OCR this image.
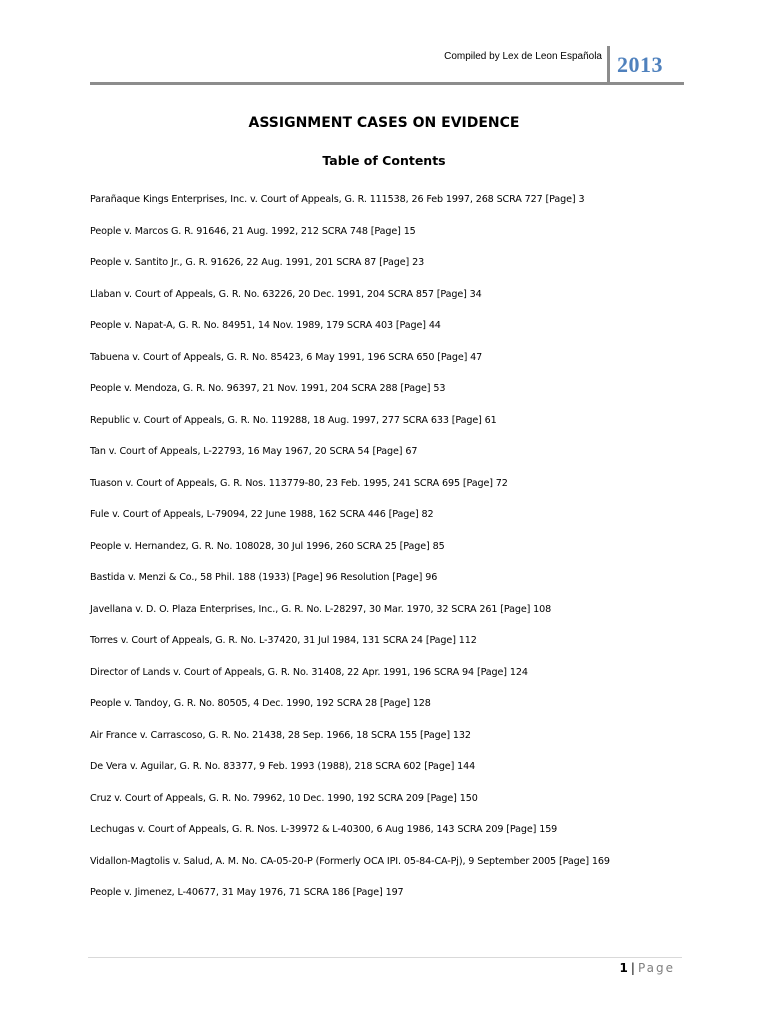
Compiled by Lex de Leon Española 2013
ASSIGNMENT CASES ON EVIDENCE
Table of Contents
Parañaque Kings Enterprises, Inc. v. Court of Appeals, G. R. 111538, 26 Feb 1997, 268 SCRA 727 [Page] 3
People v. Marcos G. R. 91646, 21 Aug. 1992, 212 SCRA 748 [Page] 15
People v. Santito Jr., G. R. 91626, 22 Aug. 1991, 201 SCRA 87 [Page] 23
Llaban v. Court of Appeals, G. R. No. 63226, 20 Dec. 1991, 204 SCRA 857 [Page] 34
People v. Napat-A, G. R. No. 84951, 14 Nov. 1989, 179 SCRA 403 [Page] 44
Tabuena v. Court of Appeals, G. R. No. 85423, 6 May 1991, 196 SCRA 650 [Page] 47
People v. Mendoza, G. R. No. 96397, 21 Nov. 1991, 204 SCRA 288 [Page] 53
Republic v. Court of Appeals, G. R. No. 119288, 18 Aug. 1997, 277 SCRA 633 [Page] 61
Tan v. Court of Appeals, L-22793, 16 May 1967, 20 SCRA 54 [Page] 67
Tuason v. Court of Appeals, G. R. Nos. 113779-80, 23 Feb. 1995, 241 SCRA 695 [Page] 72
Fule v. Court of Appeals, L-79094, 22 June 1988, 162 SCRA 446 [Page] 82
People v. Hernandez, G. R. No. 108028, 30 Jul 1996, 260 SCRA 25 [Page] 85
Bastida v. Menzi & Co., 58 Phil. 188 (1933) [Page] 96 Resolution [Page] 96
Javellana v. D. O. Plaza Enterprises, Inc., G. R. No. L-28297, 30 Mar. 1970, 32 SCRA 261 [Page] 108
Torres v. Court of Appeals, G. R. No. L-37420, 31 Jul 1984, 131 SCRA 24 [Page] 112
Director of Lands v. Court of Appeals, G. R. No. 31408, 22 Apr. 1991, 196 SCRA 94 [Page] 124
People v. Tandoy, G. R. No. 80505, 4 Dec. 1990, 192 SCRA 28 [Page] 128
Air France v. Carrascoso, G. R. No. 21438, 28 Sep. 1966, 18 SCRA 155 [Page] 132
De Vera v. Aguilar, G. R. No. 83377, 9 Feb. 1993 (1988), 218 SCRA 602 [Page] 144
Cruz v. Court of Appeals, G. R. No. 79962, 10 Dec. 1990, 192 SCRA 209 [Page] 150
Lechugas v. Court of Appeals, G. R. Nos. L-39972 & L-40300, 6 Aug 1986, 143 SCRA 209 [Page] 159
Vidallon-Magtolis v. Salud, A. M. No. CA-05-20-P (Formerly OCA IPI. 05-84-CA-Pj), 9 September 2005 [Page] 169
People v. Jimenez, L-40677, 31 May 1976, 71 SCRA 186 [Page] 197
1 | Page
